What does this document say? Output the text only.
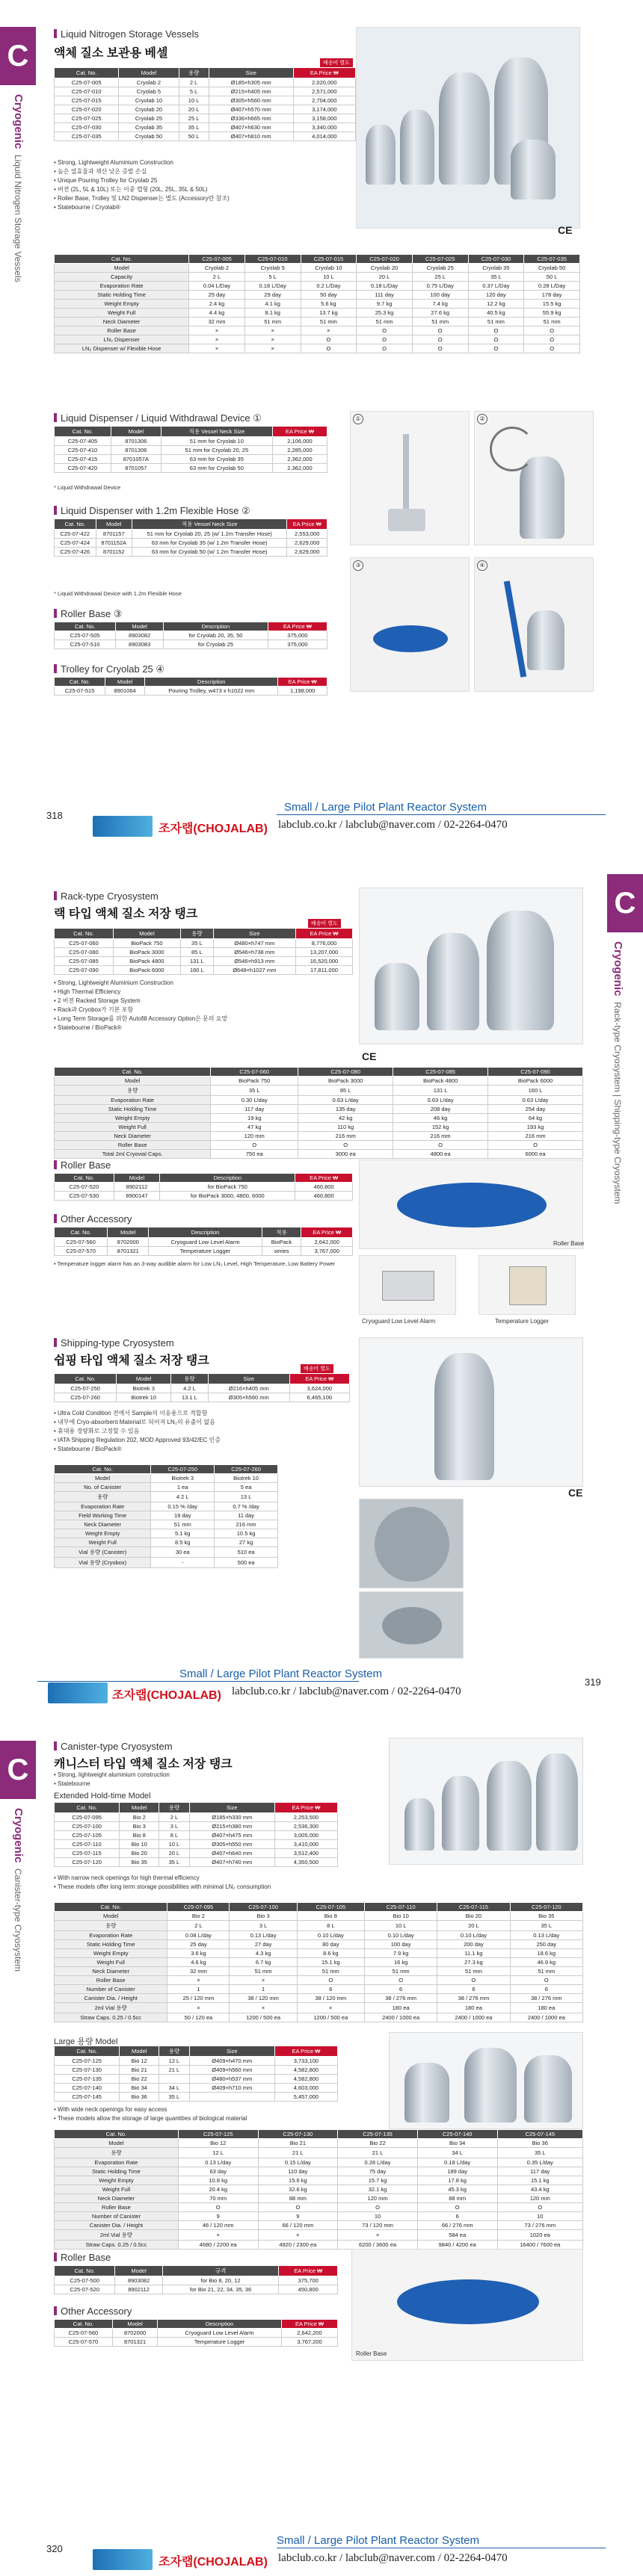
C
CryogenicLiquid Nitrogen Storage Vessels
Liquid Nitrogen Storage Vessels
액체 질소 보관용 베셀
배송비 별도
Cat. No.	Model	용량	Size	EA Price ₩
C25-07-005	Cryolab 2	2 L	Ø185×h305 mm	2,020,000
C25-07-010	Cryolab 5	5 L	Ø215×h405 mm	2,571,000
C25-07-015	Cryolab 10	10 L	Ø305×h560 mm	2,704,000
C25-07-020	Cryolab 20	20 L	Ø407×h570 mm	3,174,000
C25-07-025	Cryolab 25	25 L	Ø336×h665 mm	3,158,000
C25-07-030	Cryolab 35	35 L	Ø407×h630 mm	3,340,000
C25-07-035	Cryolab 50	50 L	Ø407×h810 mm	4,014,000
• Strong, Lightweight Aluminium Construction
• 높은 열효율과 재산 낮은 증발 손실
• Unique Pouring Trolley for Cryolab 25
• 버전 (2L, 5L & 10L) 또는 이중 캡형 (20L, 25L, 35L & 50L)
• Roller Base, Trolley 및 LN2 Dispenser는 별도 (Accessory란 참조)
• Statebourne / Cryolab®
CE
Cat. No.	C25-07-005	C25-07-010	C25-07-015	C25-07-020	C25-07-025	C25-07-030	C25-07-035
Model	Cryolab 2	Cryolab 5	Cryolab 10	Cryolab 20	Cryolab 25	Cryolab 35	Cryolab 50
Capacity	2 L	5 L	10 L	20 L	25 L	35 L	50 L
Evaporation Rate	0.04 L/Day	0.18 L/Day	0.2 L/Day	0.18 L/Day	0.75 L/Day	0.37 L/Day	0.28 L/Day
Static Holding Time	25 day	29 day	50 day	111 day	100 day	120 day	178 day
Weight Empty	2.4 kg	4.1 kg	5.6 kg	9.7 kg	7.4 kg	12.2 kg	15.5 kg
Weight Full	4.4 kg	8.1 kg	13.7 kg	25.3 kg	27.6 kg	40.5 kg	55.9 kg
Neck Diameter	32 mm	51 mm	51 mm	51 mm	51 mm	51 mm	51 mm
Roller Base	×	×	×	O	O	O	O
LN₂ Dispenser	×	×	O	O	O	O	O
LN₂ Dispenser w/ Flexible Hose	×	×	O	O	O	O	O
Liquid Dispenser / Liquid Withdrawal Device ①
Cat. No.	Model	적용 Vessel Neck Size	EA Price ₩
C25-07-405	8701306	51 mm for Cryolab 10	2,106,000
C25-07-410	8701306	51 mm for Cryolab 20, 25	2,285,000
C25-07-415	8701057A	63 mm for Cryolab 35	2,362,000
C25-07-420	8701057	63 mm for Cryolab 50	2,362,000
* Liquid Withdrawal Device
Liquid Dispenser with 1.2m Flexible Hose ②
Cat. No.	Model	적용 Vessel Neck Size	EA Price ₩
C25-07-422	8701157	51 mm for Cryolab 20, 25 (w/ 1.2m Transfer Hose)	2,553,000
C25-07-424	8701152A	63 mm for Cryolab 35 (w/ 1.2m Transfer Hose)	2,629,000
C25-07-426	8701152	63 mm for Cryolab 50 (w/ 1.2m Transfer Hose)	2,629,000
* Liquid Withdrawal Device with 1.2m Flexible Hose
Roller Base ③
Cat. No.	Model	Description	EA Price ₩
C25-07-505	8903082	for Cryolab 20, 35, 50	375,000
C25-07-510	8903083	for Cryolab 25	375,000
Trolley for Cryolab 25 ④
Cat. No.	Model	Description	EA Price ₩
C25-07-515	8901064	Pouring Trolley, w473 x h1022 mm	1,198,000
①	②
③	④
318
Small / Large Pilot Plant Reactor System
조자랩(CHOJALAB) labclub.co.kr / labclub@naver.com / 02-2264-0470
C
CryogenicRack-type Cryosystem | Shipping-type Cryosystem
Rack-type Cryosystem
랙 타입 액체 질소 저장 탱크
배송비 별도
Cat. No.	Model	용량	Size	EA Price ₩
C25-07-060	BioPack 750	35 L	Ø480×h747 mm	8,776,000
C25-07-080	BioPack 3000	85 L	Ø546×h738 mm	13,207,000
C25-07-085	BioPack 4800	131 L	Ø546×h913 mm	16,520,000
C25-07-090	BioPack 6000	160 L	Ø648×h1027 mm	17,811,000
• Strong, Lightweight Aluminium Construction
• High Thermal Efficiency
• 2 버전 Racked Storage System
• Rack과 Cryobox가 기본 포함
• Long Term Storage를 위한 Autofill Accessory Option은 문의 요망
• Statebourne / BioPack®
CE
Cat. No.	C25-07-060	C25-07-080	C25-07-085	C25-07-090
Model	BioPack 750	BioPack 3000	BioPack 4800	BioPack 6000
용량	35 L	85 L	131 L	160 L
Evaporation Rate	0.30 L/day	0.63 L/day	0.63 L/day	0.63 L/day
Static Holding Time	117 day	135 day	208 day	254 day
Weight Empty	19 kg	42 kg	46 kg	64 kg
Weight Full	47 kg	110 kg	152 kg	193 kg
Neck Diameter	120 mm	216 mm	216 mm	216 mm
Roller Base	O	O	O	O
Total 2ml Cryovial Caps.	750 ea	3000 ea	4800 ea	6000 ea
Roller Base
Cat. No.	Model	Description	EA Price ₩
C25-07-520	8902112	for BioPack 750	460,800
C25-07-530	8900147	for BioPack 3000, 4800, 6000	460,800
Other Accessory
Cat. No.	Model	Description	적용	EA Price ₩
C25-07-560	8702000	Cryoguard Low Level Alarm	BioPack	2,642,000
C25-07-570	8701321	Temperature Logger	series	3,767,000
• Temperature logger alarm has an 3-way audible alarm for Low LN₂ Level, High Temperature, Low Battery Power
Roller Base
Cryoguard Low Level Alarm	Temperature Logger
Shipping-type Cryosystem
쉽핑 타입 액체 질소 저장 탱크
배송비 별도
Cat. No.	Model	용량	Size	EA Price ₩
C25-07-250	Biotrek 3	4.2 L	Ø216×h405 mm	3,624,000
C25-07-260	Biotrek 10	13.1 L	Ø305×h560 mm	6,465,100
• Ultra Cold Condition 전에서 Sample의 이송용으로 적합함
• 내부에 Cryo-absorbent Material로 되어져 LN₂의 유출이 없음
• 휴대용 경량화로 고정할 수 있음
• IATA Shipping Regulation 202, MOD Approved 93/42/EC 인증
• Statebourne / BioPack®
Cat. No.	C25-07-250	C25-07-260
Model	Biotrek 3	Biotrek 10
No. of Canister	1 ea	5 ea
용량	4.2 L	13 L
Evaporation Rate	0.15 % /day	0.7 % /day
Field Working Time	19 day	11 day
Neck Diameter	51 mm	216 mm
Weight Empty	5.1 kg	10.5 kg
Weight Full	8.5 kg	27 kg
Vial 용량 (Canister)	30 ea	510 ea
Vial 용량 (Cryobox)	-	500 ea
CE
319
Small / Large Pilot Plant Reactor System
조자랩(CHOJALAB) labclub.co.kr / labclub@naver.com / 02-2264-0470
C
CryogenicCanister-type Cryosystem
Canister-type Cryosystem
캐니스터 타입 액체 질소 저장 탱크
• Strong, lightweight aluminium construction
• Statebourne
Extended Hold-time Model
Cat. No.	Model	용량	Size	EA Price ₩
C25-07-095	Bio 2	2 L	Ø185×h330 mm	2,253,500
C25-07-100	Bio 3	3 L	Ø215×h380 mm	2,536,300
C25-07-105	Bio 8	8 L	Ø407×h475 mm	3,005,000
C25-07-110	Bio 10	10 L	Ø305×h550 mm	3,410,000
C25-07-115	Bio 20	20 L	Ø407×h640 mm	3,512,400
C25-07-120	Bio 35	35 L	Ø407×h740 mm	4,350,500
• With narrow neck openings for high thermal efficiency
• These models offer long term storage possibilities with minimal LN₂ consumption
Cat. No.	C25-07-095	C25-07-100	C25-07-105	C25-07-110	C25-07-115	C25-07-120
Model	Bio 2	Bio 3	Bio 8	Bio 10	Bio 20	Bio 35
용량	2 L	3 L	8 L	10 L	20 L	35 L
Evaporation Rate	0.08 L/day	0.13 L/day	0.10 L/day	0.10 L/day	0.10 L/day	0.13 L/day
Static Holding Time	25 day	27 day	80 day	100 day	200 day	250 day
Weight Empty	3.6 kg	4.3 kg	8.6 kg	7.9 kg	11.1 kg	18.6 kg
Weight Full	4.6 kg	6.7 kg	15.1 kg	16 kg	27.3 kg	46.9 kg
Neck Diameter	32 mm	51 mm	51 mm	51 mm	51 mm	51 mm
Roller Base	×	×	O	O	O	O
Number of Canister	1	1	6	6	6	6
Canister Dia. / Height	25 / 120 mm	38 / 120 mm	38 / 120 mm	38 / 276 mm	38 / 276 mm	38 / 276 mm
2ml Vial 용량	×	×	×	180 ea	180 ea	180 ea
Straw Caps. 0.25 / 0.5cc	50 / 120 ea	1200 / 500 ea	1200 / 500 ea	2400 / 1000 ea	2400 / 1000 ea	2400 / 1000 ea
Large 용량 Model
Cat. No.	Model	용량	Size	EA Price ₩
C25-07-125	Bio 12	12 L	Ø409×h470 mm	3,733,100
C25-07-130	Bio 21	21 L	Ø409×h560 mm	4,582,800
C25-07-135	Bio 22		Ø480×h537 mm	4,582,800
C25-07-140	Bio 34	34 L	Ø409×h710 mm	4,603,000
C25-07-145	Bio 36	35 L		5,457,000
• With wide neck openings for easy access
• These models allow the storage of large quantities of biological material
Cat. No.	C25-07-125	C25-07-130	C25-07-135	C25-07-140	C25-07-145
Model	Bio 12	Bio 21	Bio 22	Bio 34	Bio 36
용량	12 L	21 L	21 L	34 L	35 L
Evaporation Rate	0.13 L/day	0.15 L/day	0.28 L/day	0.18 L/day	0.35 L/day
Static Holding Time	63 day	110 day	75 day	189 day	117 day
Weight Empty	10.8 kg	15.6 kg	15.7 kg	17.8 kg	15.1 kg
Weight Full	20.4 kg	32.6 kg	32.1 kg	45.3 kg	43.4 kg
Neck Diameter	70 mm	88 mm	120 mm	88 mm	120 mm
Roller Base	O	O	O	O	O
Number of Canister	9	9	10	6	10
Canister Dia. / Height	46 / 120 mm	66 / 120 mm	73 / 120 mm	66 / 276 mm	73 / 276 mm
2ml Vial 용량	×	×	×	584 ea	1020 ea
Straw Caps. 0.25 / 0.5cc	4680 / 2200 ea	4920 / 2300 ea	6200 / 3600 ea	9840 / 4200 ea	16400 / 7600 ea
Roller Base
Cat. No.	Model	규격	EA Price ₩
C25-07-500	8903082	for Bio 8, 20, 12	375,700
C25-07-520	8902112	for Bio 21, 22, 34, 35, 36	450,800
Other Accessory
Cat. No.	Model	Description	EA Price ₩
C25-07-560	8702000	Cryoguard Low Level Alarm	2,642,200
C25-07-570	8701321	Temperature Logger	3,767,200
Roller Base
320
Small / Large Pilot Plant Reactor System
조자랩(CHOJALAB) labclub.co.kr / labclub@naver.com / 02-2264-0470
